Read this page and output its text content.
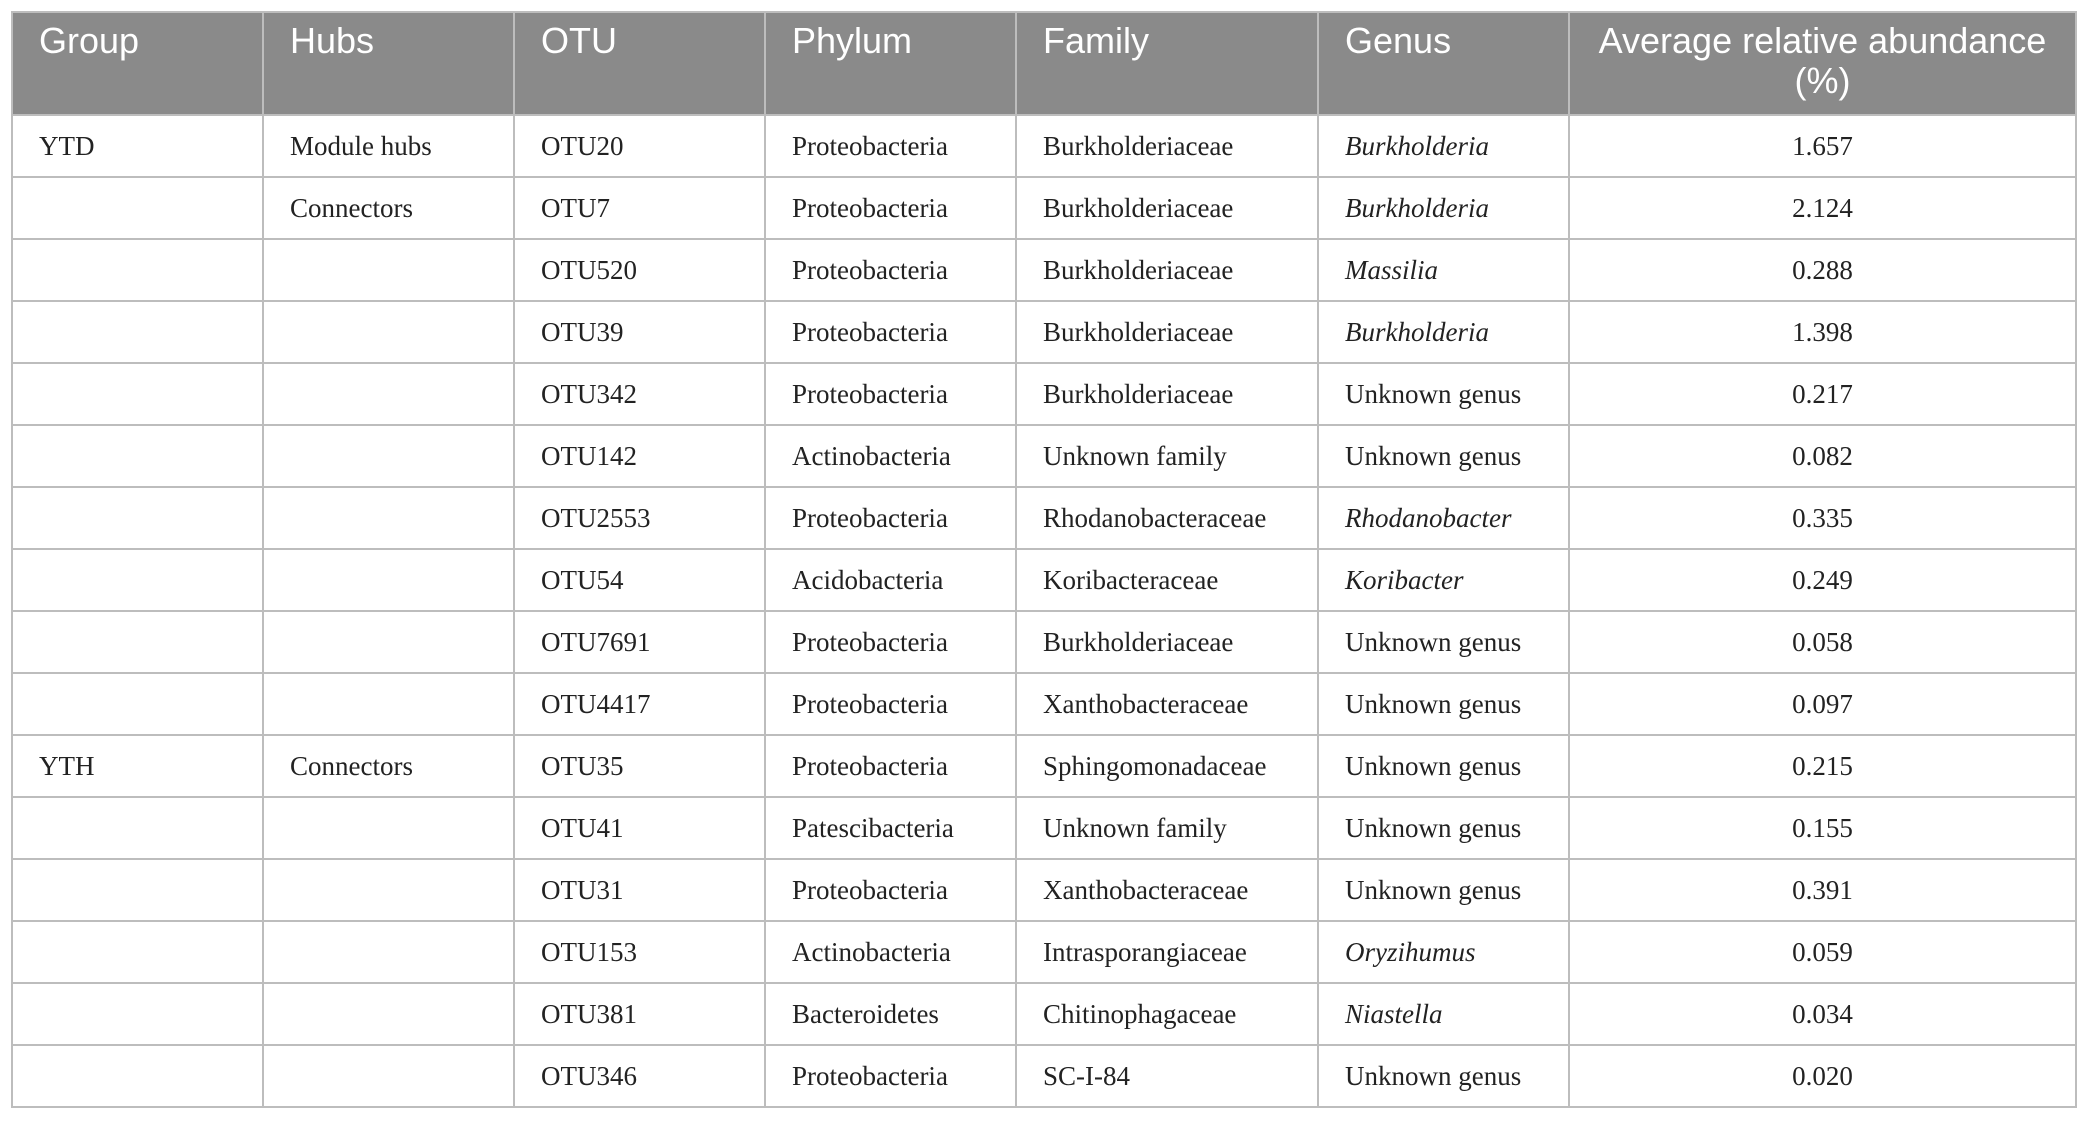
Group	Hubs	OTU	Phylum	Family	Genus	Average relative abundance (%)
YTD	Module hubs	OTU20	Proteobacteria	Burkholderiaceae	Burkholderia	1.657
	Connectors	OTU7	Proteobacteria	Burkholderiaceae	Burkholderia	2.124
		OTU520	Proteobacteria	Burkholderiaceae	Massilia	0.288
		OTU39	Proteobacteria	Burkholderiaceae	Burkholderia	1.398
		OTU342	Proteobacteria	Burkholderiaceae	Unknown genus	0.217
		OTU142	Actinobacteria	Unknown family	Unknown genus	0.082
		OTU2553	Proteobacteria	Rhodanobacteraceae	Rhodanobacter	0.335
		OTU54	Acidobacteria	Koribacteraceae	Koribacter	0.249
		OTU7691	Proteobacteria	Burkholderiaceae	Unknown genus	0.058
		OTU4417	Proteobacteria	Xanthobacteraceae	Unknown genus	0.097
YTH	Connectors	OTU35	Proteobacteria	Sphingomonadaceae	Unknown genus	0.215
		OTU41	Patescibacteria	Unknown family	Unknown genus	0.155
		OTU31	Proteobacteria	Xanthobacteraceae	Unknown genus	0.391
		OTU153	Actinobacteria	Intrasporangiaceae	Oryzihumus	0.059
		OTU381	Bacteroidetes	Chitinophagaceae	Niastella	0.034
		OTU346	Proteobacteria	SC-I-84	Unknown genus	0.020
